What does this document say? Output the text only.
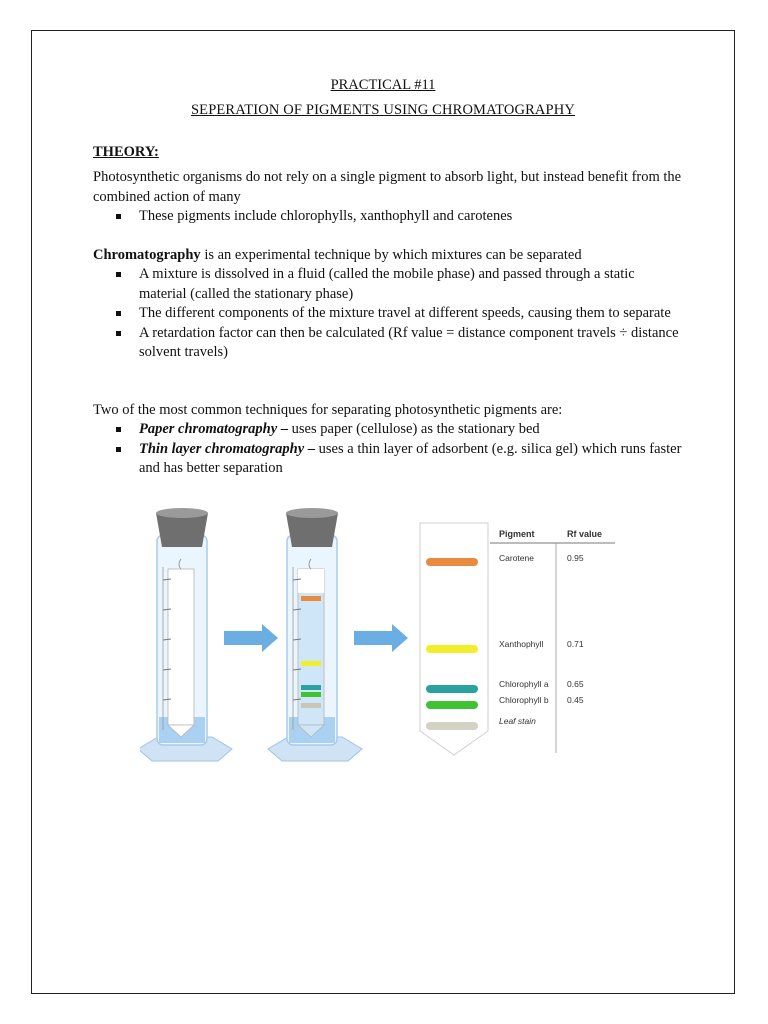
PRACTICAL #11
SEPERATION OF PIGMENTS USING CHROMATOGRAPHY
THEORY:
Photosynthetic organisms do not rely on a single pigment to absorb light, but instead benefit from the combined action of many
These pigments include chlorophylls, xanthophyll and carotenes
Chromatography is an experimental technique by which mixtures can be separated
A mixture is dissolved in a fluid (called the mobile phase) and passed through a static material (called the stationary phase)
The different components of the mixture travel at different speeds, causing them to separate
A retardation factor can then be calculated (Rf value = distance component travels ÷ distance solvent travels)
Two of the most common techniques for separating photosynthetic pigments are:
Paper chromatography – uses paper (cellulose) as the stationary bed
Thin layer chromatography – uses a thin layer of adsorbent (e.g. silica gel) which runs faster and has better separation
Pigment	Rf value
Carotene	0.95
Xanthophyll	0.71
Chlorophyll a 0.65
Chlorophyll b 0.45
Leaf stain
